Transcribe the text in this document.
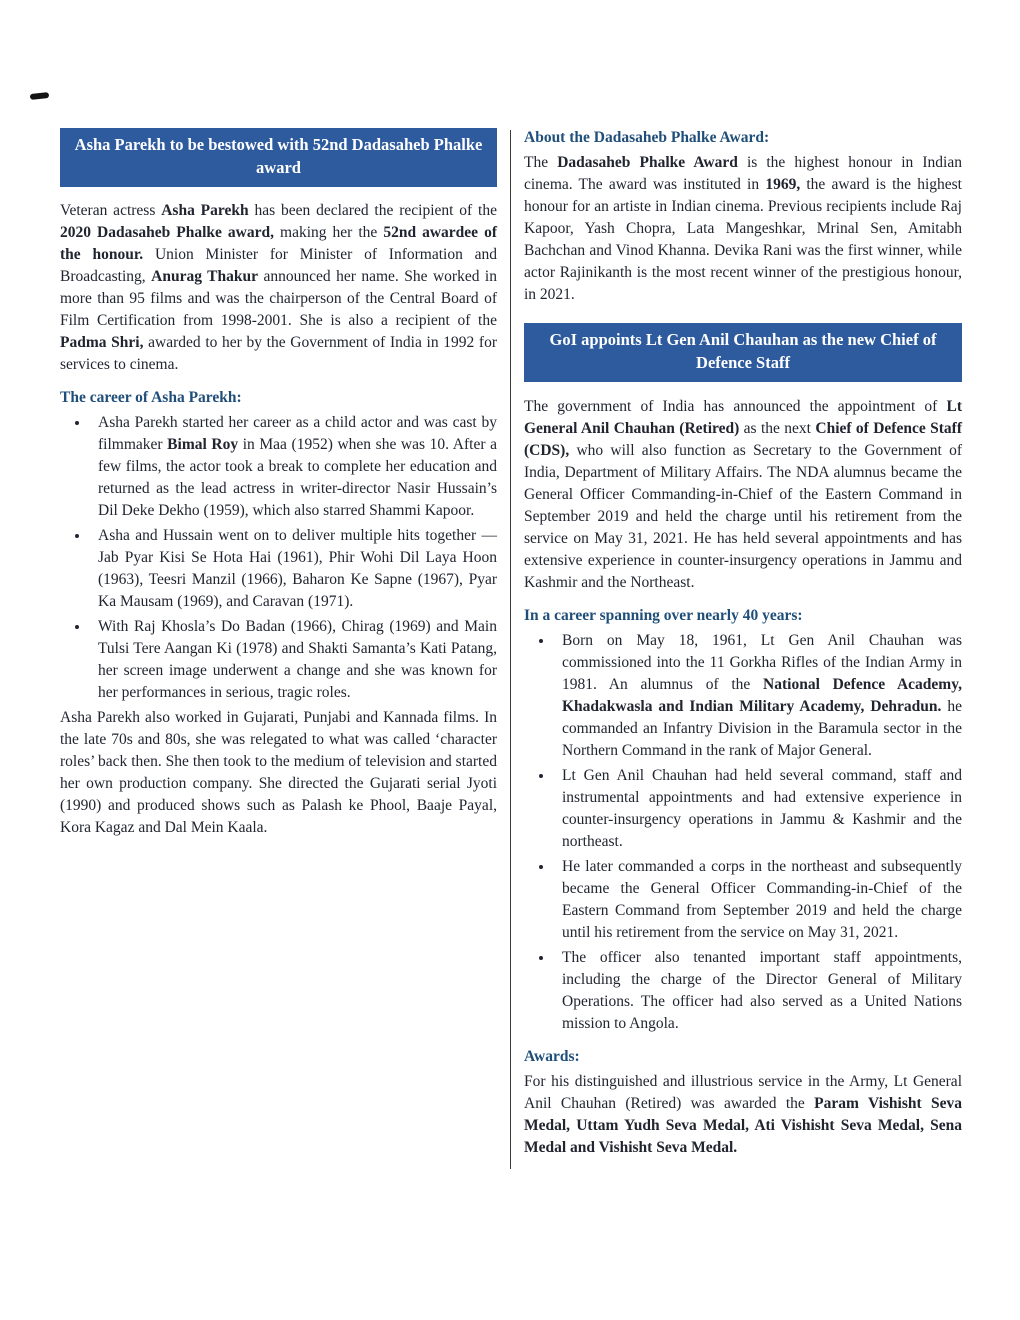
Asha Parekh to be bestowed with 52nd Dadasaheb Phalke award

Veteran actress Asha Parekh has been declared the recipient of the 2020 Dadasaheb Phalke award, making her the 52nd awardee of the honour. Union Minister for Minister of Information and Broadcasting, Anurag Thakur announced her name. She worked in more than 95 films and was the chairperson of the Central Board of Film Certification from 1998-2001. She is also a recipient of the Padma Shri, awarded to her by the Government of India in 1992 for services to cinema.

The career of Asha Parekh:
• Asha Parekh started her career as a child actor and was cast by filmmaker Bimal Roy in Maa (1952) when she was 10. After a few films, the actor took a break to complete her education and returned as the lead actress in writer-director Nasir Hussain’s Dil Deke Dekho (1959), which also starred Shammi Kapoor.
• Asha and Hussain went on to deliver multiple hits together — Jab Pyar Kisi Se Hota Hai (1961), Phir Wohi Dil Laya Hoon (1963), Teesri Manzil (1966), Baharon Ke Sapne (1967), Pyar Ka Mausam (1969), and Caravan (1971).
• With Raj Khosla’s Do Badan (1966), Chirag (1969) and Main Tulsi Tere Aangan Ki (1978) and Shakti Samanta’s Kati Patang, her screen image underwent a change and she was known for her performances in serious, tragic roles.

Asha Parekh also worked in Gujarati, Punjabi and Kannada films. In the late 70s and 80s, she was relegated to what was called ‘character roles’ back then. She then took to the medium of television and started her own production company. She directed the Gujarati serial Jyoti (1990) and produced shows such as Palash ke Phool, Baaje Payal, Kora Kagaz and Dal Mein Kaala.

About the Dadasaheb Phalke Award:

The Dadasaheb Phalke Award is the highest honour in Indian cinema. The award was instituted in 1969, the award is the highest honour for an artiste in Indian cinema. Previous recipients include Raj Kapoor, Yash Chopra, Lata Mangeshkar, Mrinal Sen, Amitabh Bachchan and Vinod Khanna. Devika Rani was the first winner, while actor Rajinikanth is the most recent winner of the prestigious honour, in 2021.

GoI appoints Lt Gen Anil Chauhan as the new Chief of Defence Staff

The government of India has announced the appointment of Lt General Anil Chauhan (Retired) as the next Chief of Defence Staff (CDS), who will also function as Secretary to the Government of India, Department of Military Affairs. The NDA alumnus became the General Officer Commanding-in-Chief of the Eastern Command in September 2019 and held the charge until his retirement from the service on May 31, 2021. He has held several appointments and has extensive experience in counter-insurgency operations in Jammu and Kashmir and the Northeast.

In a career spanning over nearly 40 years:
• Born on May 18, 1961, Lt Gen Anil Chauhan was commissioned into the 11 Gorkha Rifles of the Indian Army in 1981. An alumnus of the National Defence Academy, Khadakwasla and Indian Military Academy, Dehradun. he commanded an Infantry Division in the Baramula sector in the Northern Command in the rank of Major General.
• Lt Gen Anil Chauhan had held several command, staff and instrumental appointments and had extensive experience in counter-insurgency operations in Jammu & Kashmir and the northeast.
• He later commanded a corps in the northeast and subsequently became the General Officer Commanding-in-Chief of the Eastern Command from September 2019 and held the charge until his retirement from the service on May 31, 2021.
• The officer also tenanted important staff appointments, including the charge of the Director General of Military Operations. The officer had also served as a United Nations mission to Angola.
Awards:

For his distinguished and illustrious service in the Army, Lt General Anil Chauhan (Retired) was awarded the Param Vishisht Seva Medal, Uttam Yudh Seva Medal, Ati Vishisht Seva Medal, Sena Medal and Vishisht Seva Medal.
